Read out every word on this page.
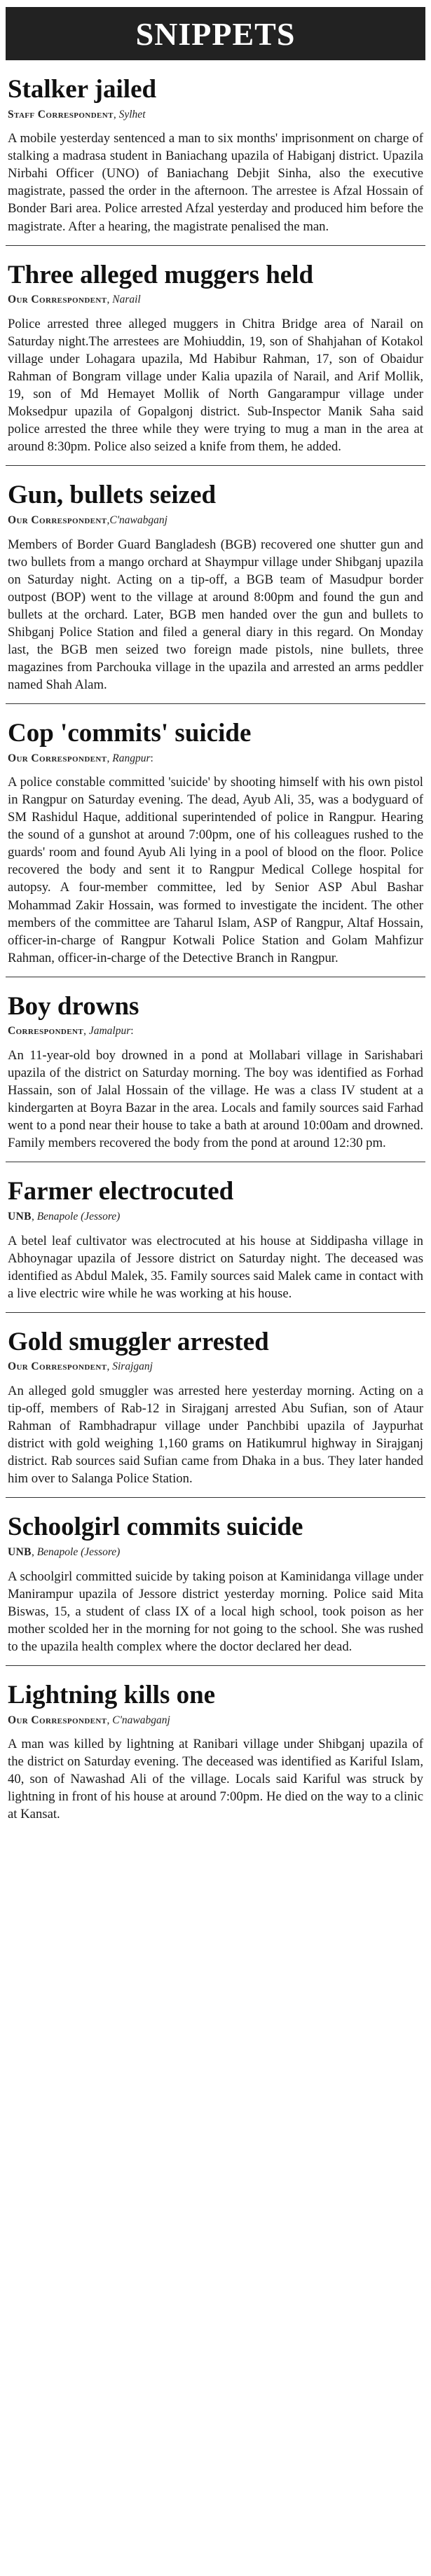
SNIPPETS
Stalker jailed
Staff Correspondent, Sylhet

A mobile yesterday sentenced a man to six months' imprisonment on charge of stalking a madrasa student in Baniachang upazila of Habiganj district. Upazila Nirbahi Officer (UNO) of Baniachang Debjit Sinha, also the executive magistrate, passed the order in the afternoon. The arrestee is Afzal Hossain of Bonder Bari area. Police arrested Afzal yesterday and produced him before the magistrate. After a hearing, the magistrate penalised the man.

Three alleged muggers held
Our Correspondent, Narail

Police arrested three alleged muggers in Chitra Bridge area of Narail on Saturday night.The arrestees are Mohiuddin, 19, son of Shahjahan of Kotakol village under Lohagara upazila, Md Habibur Rahman, 17, son of Obaidur Rahman of Bongram village under Kalia upazila of Narail, and Arif Mollik, 19, son of Md Hemayet Mollik of North Gangarampur village under Moksedpur upazila of Gopalgonj district. Sub-Inspector Manik Saha said police arrested the three while they were trying to mug a man in the area at around 8:30pm. Police also seized a knife from them, he added.

Gun, bullets seized
Our Correspondent,C'nawabganj

Members of Border Guard Bangladesh (BGB) recovered one shutter gun and two bullets from a mango orchard at Shaympur village under Shibganj upazila on Saturday night. Acting on a tip-off, a BGB team of Masudpur border outpost (BOP) went to the village at around 8:00pm and found the gun and bullets at the orchard. Later, BGB men handed over the gun and bullets to Shibganj Police Station and filed a general diary in this regard. On Monday last, the BGB men seized two foreign made pistols, nine bullets, three magazines from Parchouka village in the upazila and arrested an arms peddler named Shah Alam.

Cop 'commits' suicide
Our Correspondent, Rangpur:

A police constable committed 'suicide' by shooting himself with his own pistol in Rangpur on Saturday evening. The dead, Ayub Ali, 35, was a bodyguard of SM Rashidul Haque, additional superintended of police in Rangpur. Hearing the sound of a gunshot at around 7:00pm, one of his colleagues rushed to the guards' room and found Ayub Ali lying in a pool of blood on the floor. Police recovered the body and sent it to Rangpur Medical College hospital for autopsy. A four-member committee, led by Senior ASP Abul Bashar Mohammad Zakir Hossain, was formed to investigate the incident. The other members of the committee are Taharul Islam, ASP of Rangpur, Altaf Hossain, officer-in-charge of Rangpur Kotwali Police Station and Golam Mahfizur Rahman, officer-in-charge of the Detective Branch in Rangpur.

Boy drowns
Correspondent, Jamalpur:

An 11-year-old boy drowned in a pond at Mollabari village in Sarishabari upazila of the district on Saturday morning. The boy was identified as Forhad Hassain, son of Jalal Hossain of the village. He was a class IV student at a kindergarten at Boyra Bazar in the area. Locals and family sources said Farhad went to a pond near their house to take a bath at around 10:00am and drowned. Family members recovered the body from the pond at around 12:30 pm.

Farmer electrocuted
UNB, Benapole (Jessore)

A betel leaf cultivator was electrocuted at his house at Siddipasha village in Abhoynagar upazila of Jessore district on Saturday night. The deceased was identified as Abdul Malek, 35. Family sources said Malek came in contact with a live electric wire while he was working at his house.

Gold smuggler arrested
Our Correspondent, Sirajganj

An alleged gold smuggler was arrested here yesterday morning. Acting on a tip-off, members of Rab-12 in Sirajganj arrested Abu Sufian, son of Ataur Rahman of Rambhadrapur village under Panchbibi upazila of Jaypurhat district with gold weighing 1,160 grams on Hatikumrul highway in Sirajganj district. Rab sources said Sufian came from Dhaka in a bus. They later handed him over to Salanga Police Station.

Schoolgirl commits suicide
UNB, Benapole (Jessore)

A schoolgirl committed suicide by taking poison at Kaminidanga village under Manirampur upazila of Jessore district yesterday morning. Police said Mita Biswas, 15, a student of class IX of a local high school, took poison as her mother scolded her in the morning for not going to the school. She was rushed to the upazila health complex where the doctor declared her dead.

Lightning kills one
Our Correspondent, C'nawabganj

A man was killed by lightning at Ranibari village under Shibganj upazila of the district on Saturday evening. The deceased was identified as Kariful Islam, 40, son of Nawashad Ali of the village. Locals said Kariful was struck by lightning in front of his house at around 7:00pm. He died on the way to a clinic at Kansat.
